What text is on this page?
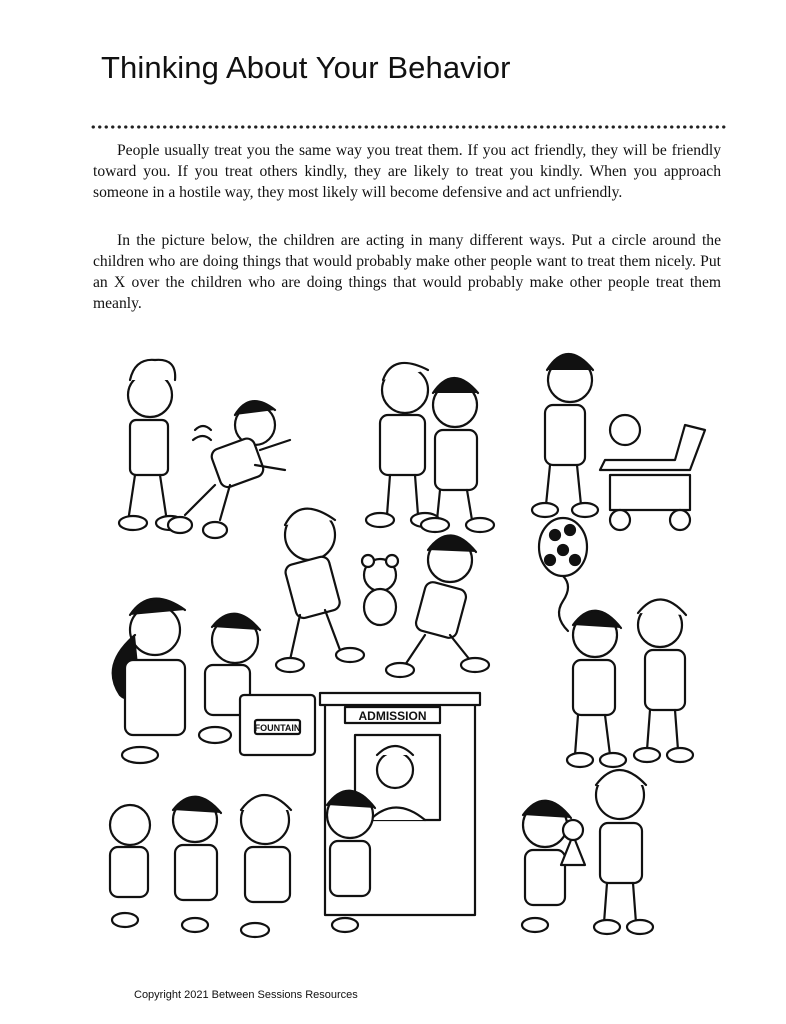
Thinking About Your Behavior

People usually treat you the same way you treat them. If you act friendly, they will be friendly toward you. If you treat others kindly, they are likely to treat you kindly. When you approach someone in a hostile way, they most likely will become defensive and act unfriendly.

In the picture below, the children are acting in many different ways. Put a circle around the children who are doing things that would probably make other people want to treat them nicely. Put an X over the children who are doing things that would probably make other people treat them meanly.

FOUNTAIN
ADMISSION
Copyright 2021 Between Sessions Resources
